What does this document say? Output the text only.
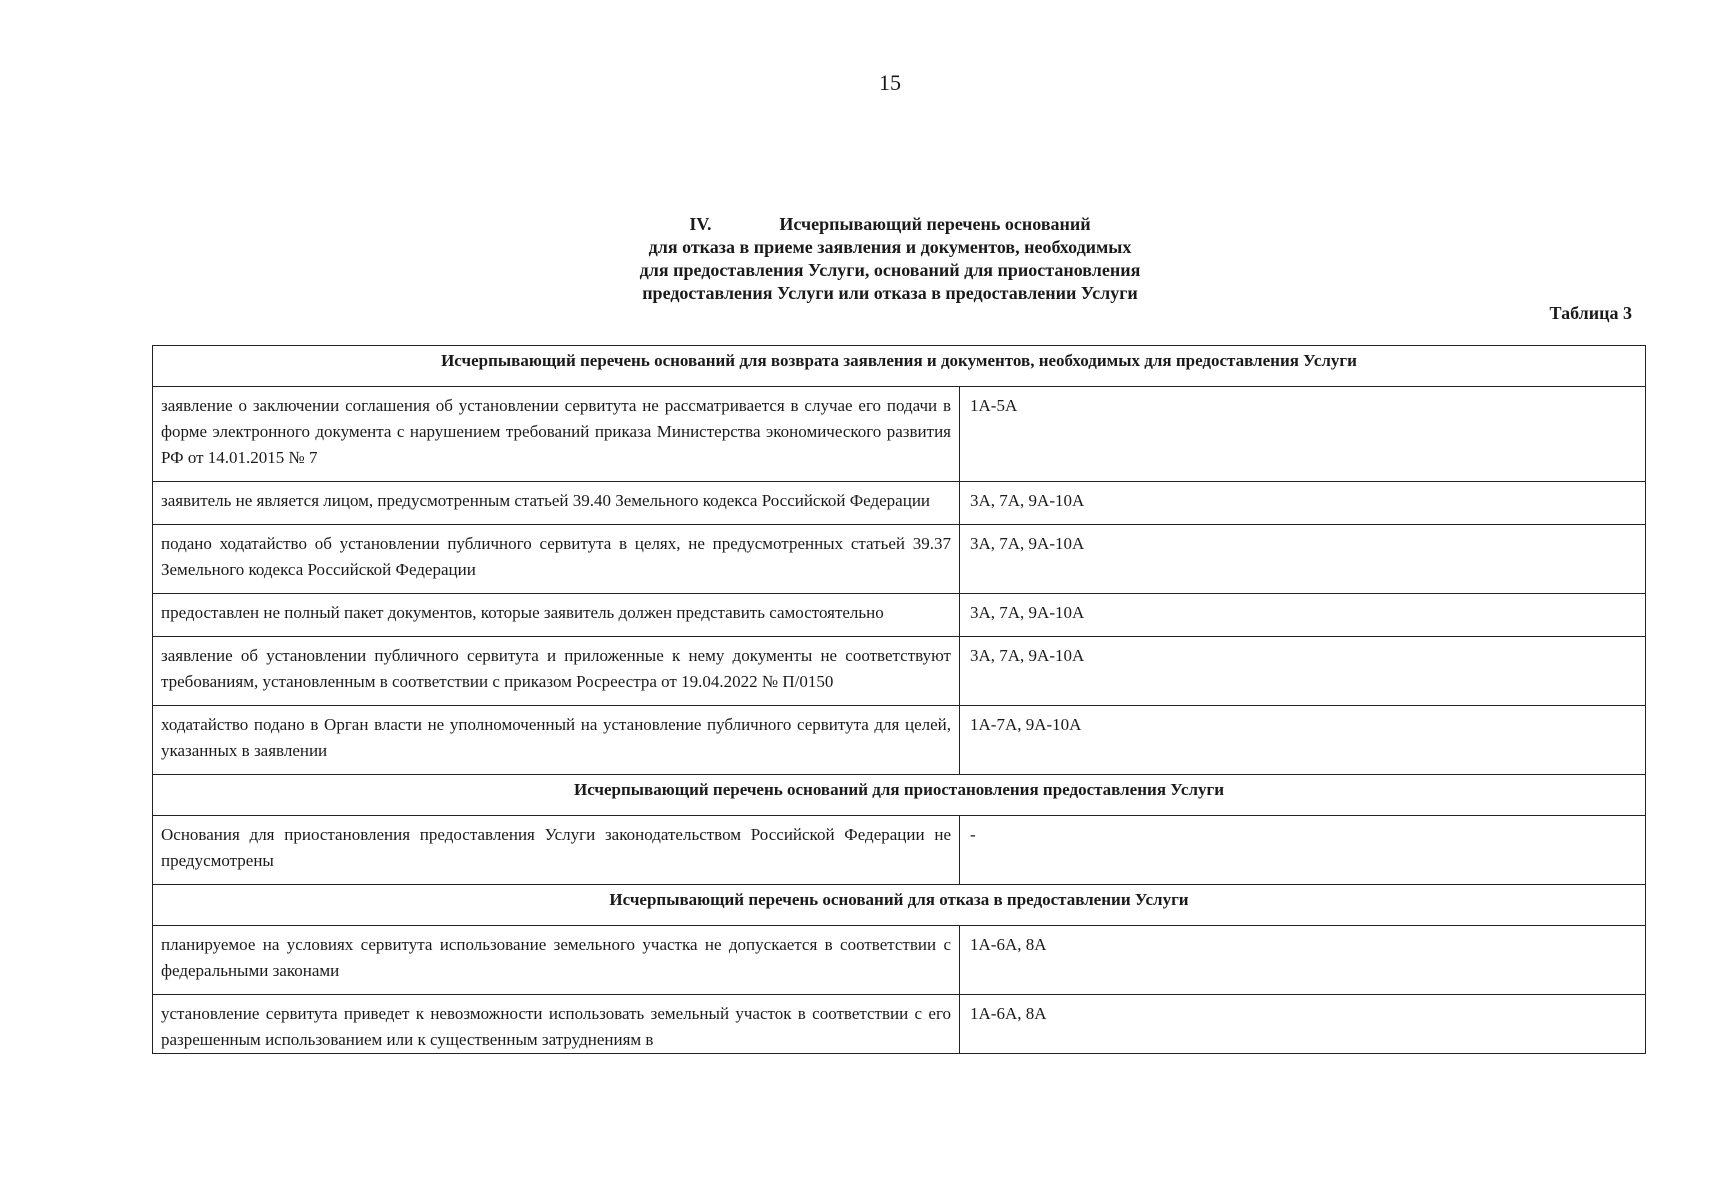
15
IV.	Исчерпывающий перечень оснований
для отказа в приеме заявления и документов, необходимых
для предоставления Услуги, оснований для приостановления
предоставления Услуги или отказа в предоставлении Услуги
Таблица 3
Исчерпывающий перечень оснований для возврата заявления и документов, необходимых для предоставления Услуги	
заявление о заключении соглашения об установлении сервитута не рассматривается в случае его подачи в форме электронного документа с нарушением требований приказа Министерства экономического развития РФ от 14.01.2015 № 7	1А-5А
заявитель не является лицом, предусмотренным статьей 39.40 Земельного кодекса Российской Федерации	3А, 7А, 9А-10А
подано ходатайство об установлении публичного сервитута в целях, не предусмотренных статьей 39.37 Земельного кодекса Российской Федерации	3А, 7А, 9А-10А
предоставлен не полный пакет документов, которые заявитель должен представить самостоятельно	3А, 7А, 9А-10А
заявление об установлении публичного сервитута и приложенные к нему документы не соответствуют требованиям, установленным в соответствии с приказом Росреестра от 19.04.2022 № П/0150	3А, 7А, 9А-10А
ходатайство подано в Орган власти не уполномоченный на установление публичного сервитута для целей, указанных в заявлении	1А-7А, 9А-10А
Исчерпывающий перечень оснований для приостановления предоставления Услуги	
Основания для приостановления предоставления Услуги законодательством Российской Федерации не предусмотрены	-
Исчерпывающий перечень оснований для отказа в предоставлении Услуги	
планируемое на условиях сервитута использование земельного участка не допускается в соответствии с федеральными законами	1А-6А, 8А
установление сервитута приведет к невозможности использовать земельный участок в соответствии с его разрешенным использованием или к существенным затруднениям в	1А-6А, 8А
